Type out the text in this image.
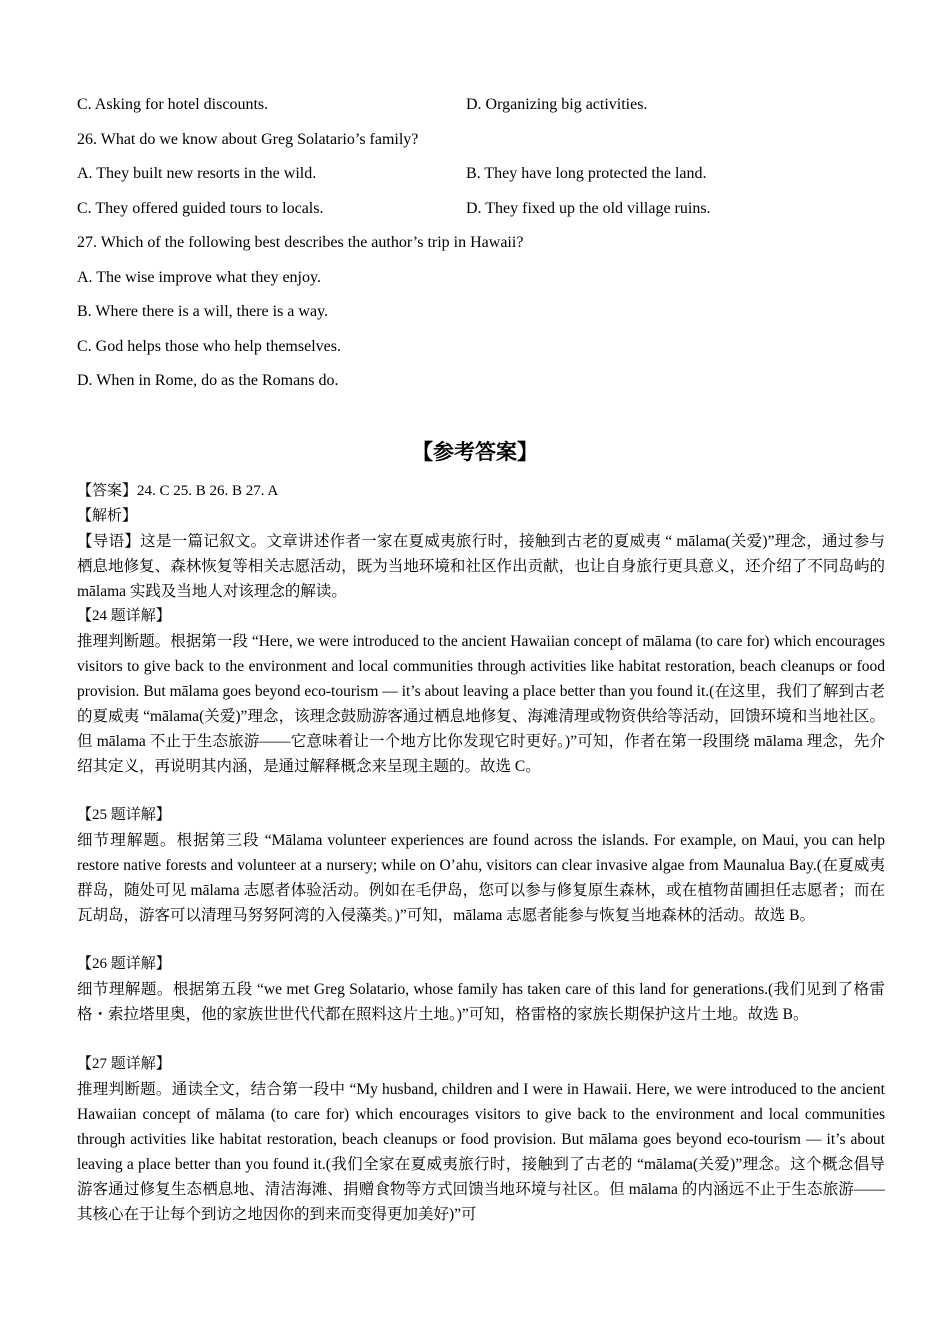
C. Asking for hotel discounts.	D. Organizing big activities.
26. What do we know about Greg Solatario’s family?
A. They built new resorts in the wild.	B. They have long protected the land.
C. They offered guided tours to locals.	D. They fixed up the old village ruins.
27. Which of the following best describes the author’s trip in Hawaii?
A. The wise improve what they enjoy.
B. Where there is a will, there is a way.
C. God helps those who help themselves.
D. When in Rome, do as the Romans do.
【参考答案】
【答案】24. C 25. B 26. B 27. A
【解析】
【导语】这是一篇记叙文。文章讲述作者一家在夏威夷旅行时，接触到古老的夏威夷 “ mālama(关爱)”理念，通过参与栖息地修复、森林恢复等相关志愿活动，既为当地环境和社区作出贡献，也让自身旅行更具意义，还介绍了不同岛屿的 mālama 实践及当地人对该理念的解读。
【24 题详解】
推理判断题。根据第一段 “Here, we were introduced to the ancient Hawaiian concept of mālama (to care for) which encourages visitors to give back to the environment and local communities through activities like habitat restoration, beach cleanups or food provision. But mālama goes beyond eco-tourism — it’s about leaving a place better than you found it.(在这里，我们了解到古老的夏威夷 “mālama(关爱)”理念，该理念鼓励游客通过栖息地修复、海滩清理或物资供给等活动，回馈环境和当地社区。但 mālama 不止于生态旅游——它意味着让一个地方比你发现它时更好。)”可知，作者在第一段围绕 mālama 理念，先介绍其定义，再说明其内涵，是通过解释概念来呈现主题的。故选 C。
【25 题详解】
细节理解题。根据第三段 “Mālama volunteer experiences are found across the islands. For example, on Maui, you can help restore native forests and volunteer at a nursery; while on O’ahu, visitors can clear invasive algae from Maunalua Bay.(在夏威夷群岛，随处可见 mālama 志愿者体验活动。例如在毛伊岛，您可以参与修复原生森林，或在植物苗圃担任志愿者；而在瓦胡岛，游客可以清理马努努阿湾的入侵藻类。)”可知，mālama 志愿者能参与恢复当地森林的活动。故选 B。
【26 题详解】
细节理解题。根据第五段 “we met Greg Solatario, whose family has taken care of this land for generations.(我们见到了格雷格・索拉塔里奥，他的家族世世代代都在照料这片土地。)”可知，格雷格的家族长期保护这片土地。故选 B。
【27 题详解】
推理判断题。通读全文，结合第一段中 “My husband, children and I were in Hawaii. Here, we were introduced to the ancient Hawaiian concept of mālama (to care for) which encourages visitors to give back to the environment and local communities through activities like habitat restoration, beach cleanups or food provision. But mālama goes beyond eco-tourism — it’s about leaving a place better than you found it.(我们全家在夏威夷旅行时，接触到了古老的 “mālama(关爱)”理念。这个概念倡导游客通过修复生态栖息地、清洁海滩、捐赠食物等方式回馈当地环境与社区。但 mālama 的内涵远不止于生态旅游——其核心在于让每个到访之地因你的到来而变得更加美好)”可
